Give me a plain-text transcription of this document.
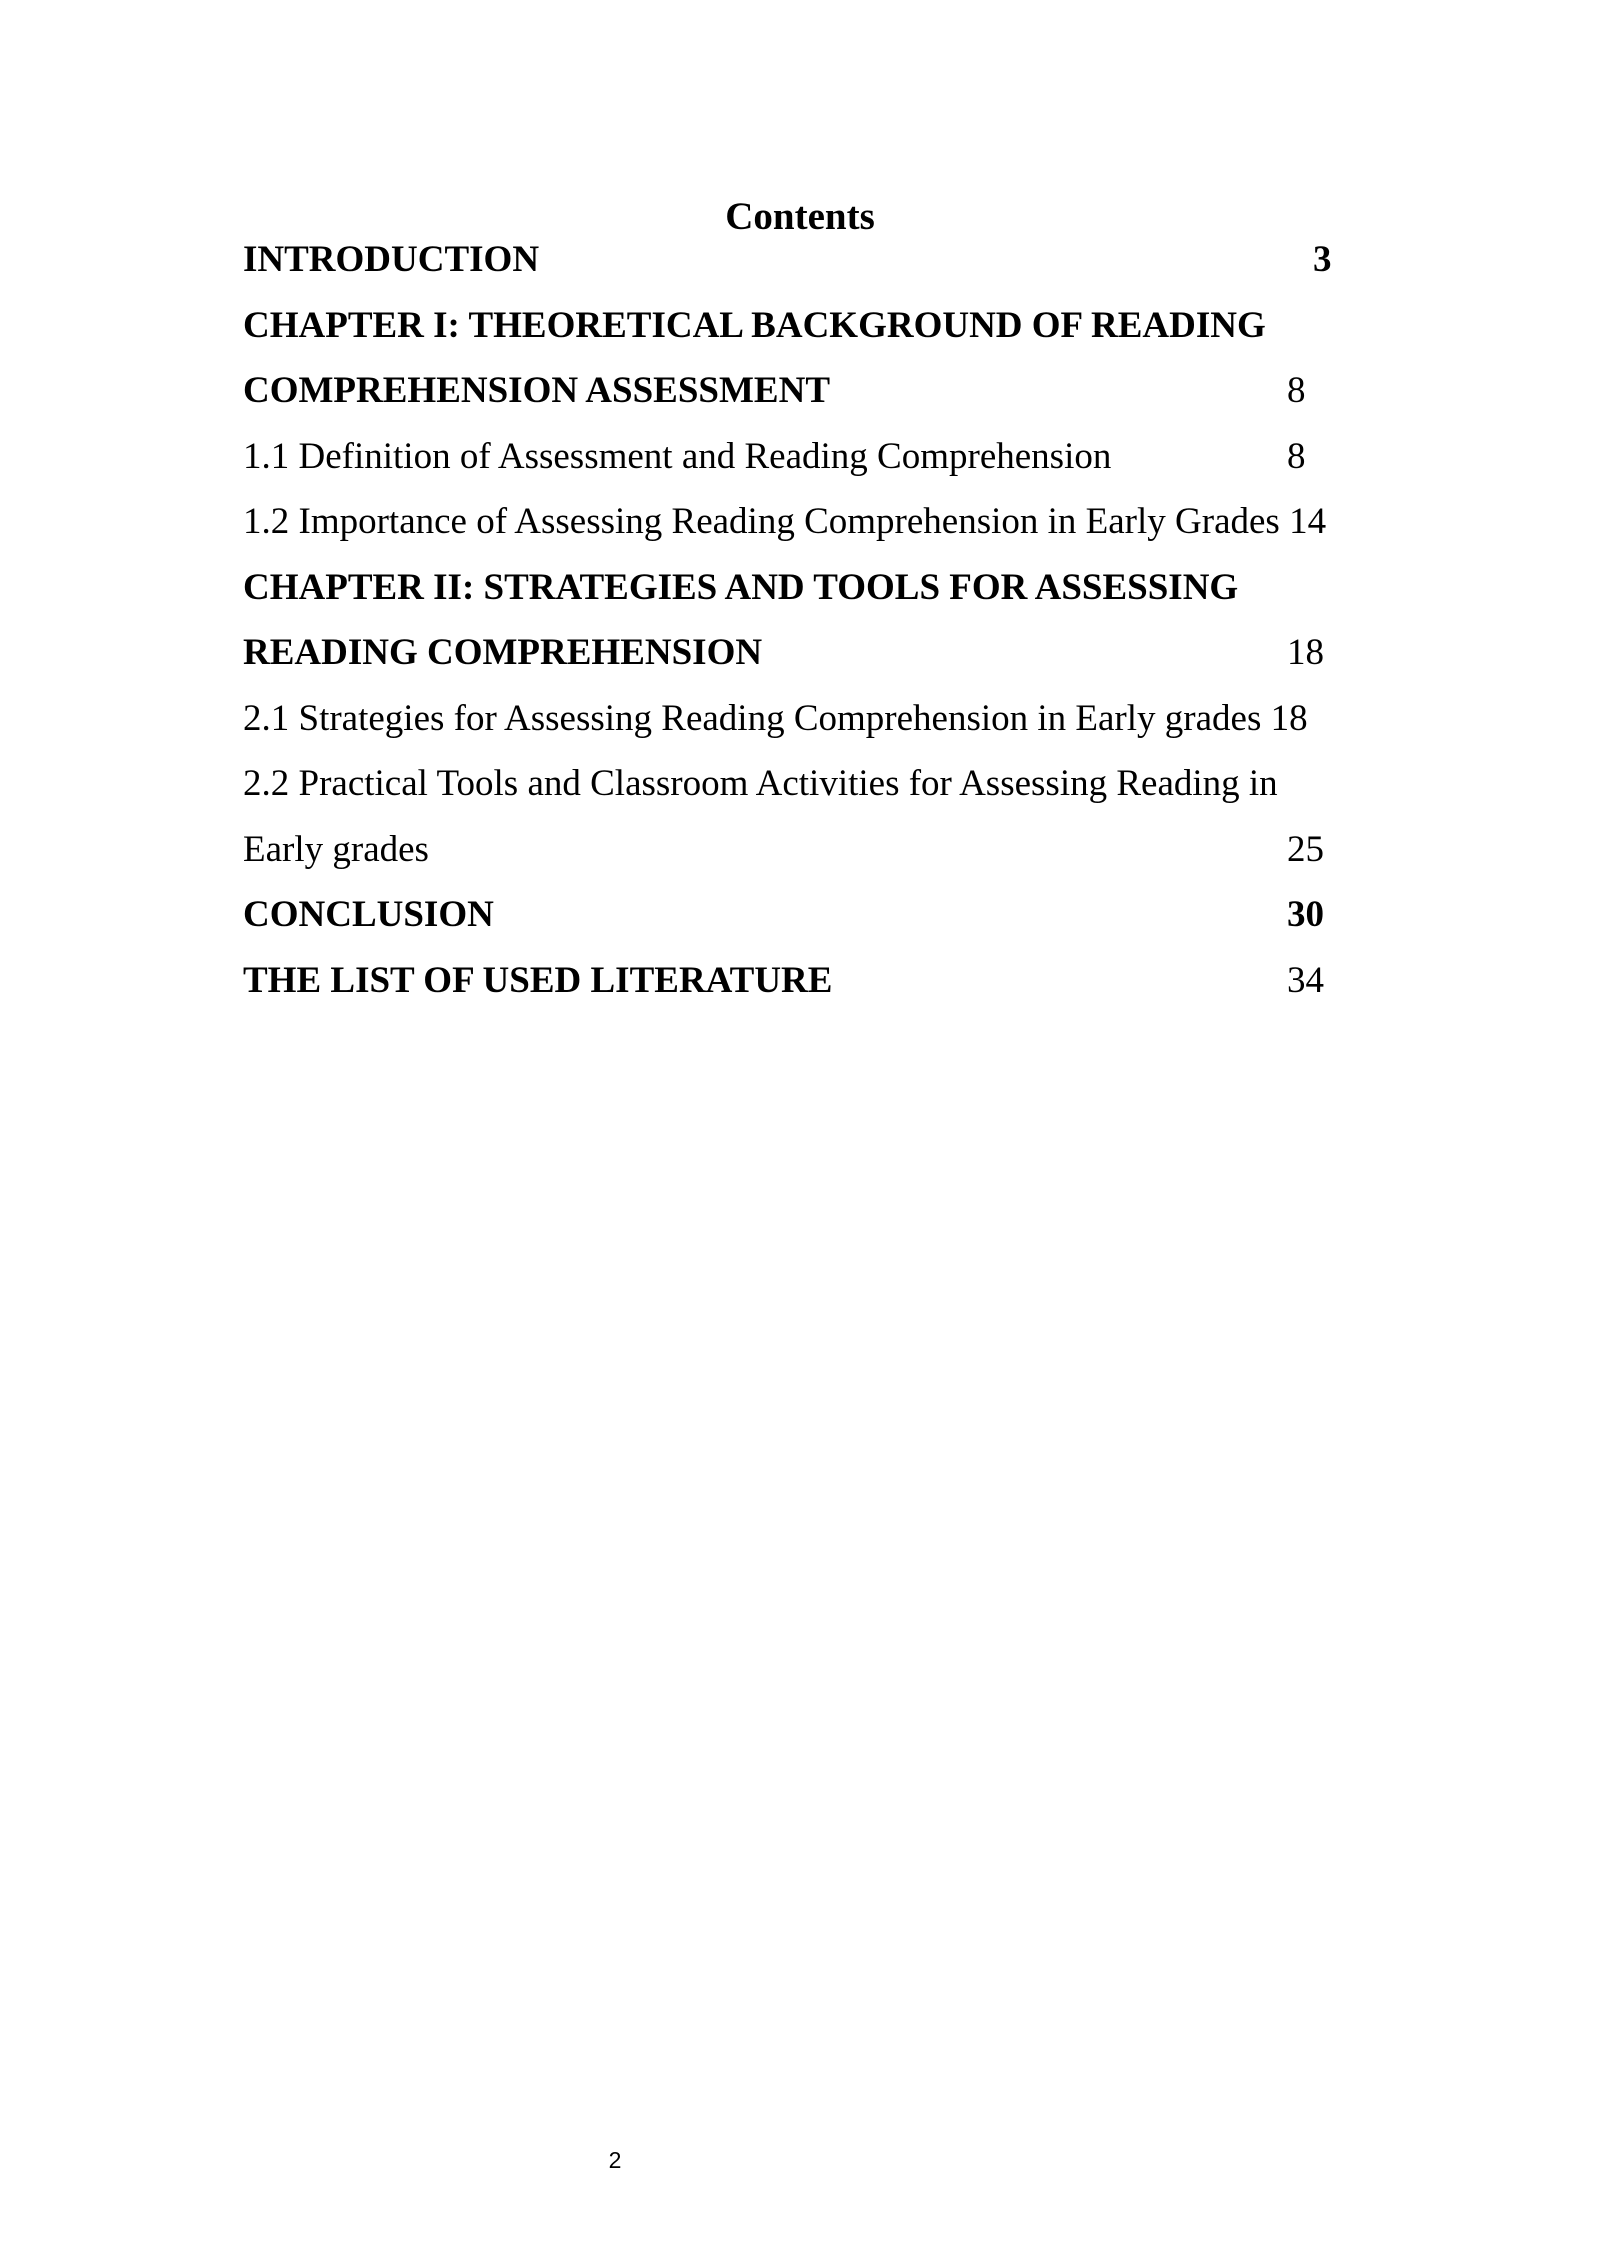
Contents
INTRODUCTION	3
CHAPTER I: THEORETICAL BACKGROUND OF READING
COMPREHENSION ASSESSMENT	8
1.1 Definition of Assessment and Reading Comprehension	8
1.2 Importance of Assessing Reading Comprehension in Early Grades 14
CHAPTER II: STRATEGIES AND TOOLS FOR ASSESSING
READING COMPREHENSION	18
2.1 Strategies for Assessing Reading Comprehension in Early grades 18
2.2 Practical Tools and Classroom Activities for Assessing Reading in
Early grades	25
CONCLUSION	30
THE LIST OF USED LITERATURE	34
2
